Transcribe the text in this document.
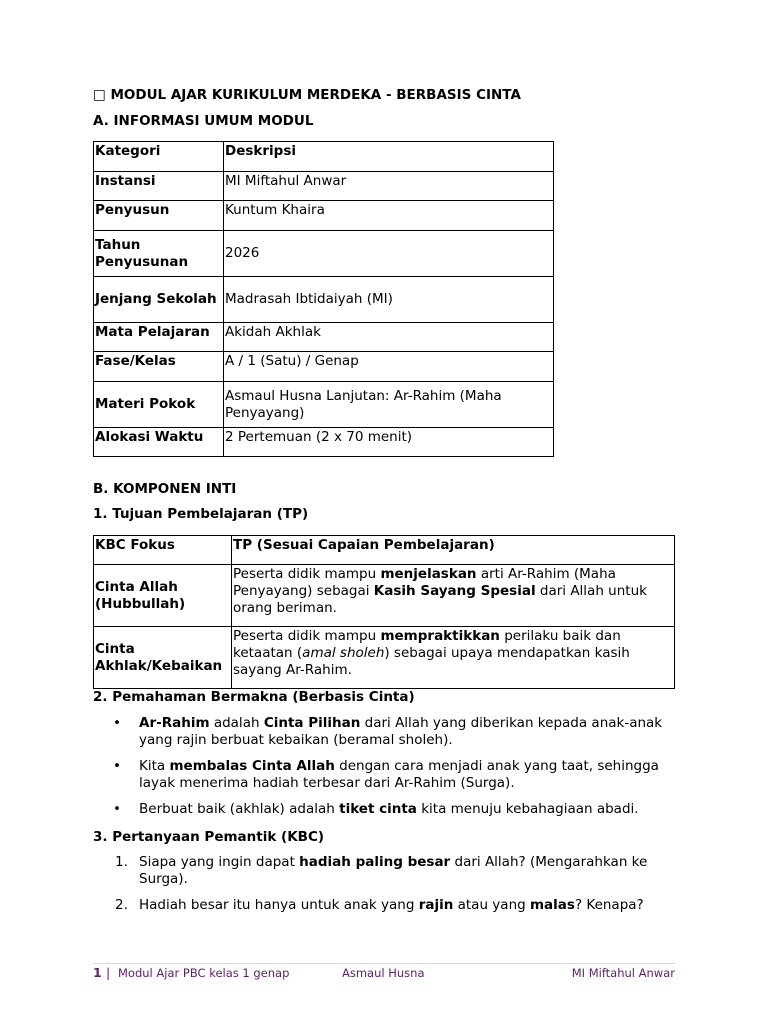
□ MODUL AJAR KURIKULUM MERDEKA - BERBASIS CINTA
A. INFORMASI UMUM MODUL
Kategori	Deskripsi
Instansi	MI Miftahul Anwar
Penyusun	Kuntum Khaira
Tahun Penyusunan	2026
Jenjang Sekolah	Madrasah Ibtidaiyah (MI)
Mata Pelajaran	Akidah Akhlak
Fase/Kelas	A / 1 (Satu) / Genap
Materi Pokok	Asmaul Husna Lanjutan: Ar-Rahim (Maha Penyayang)
Alokasi Waktu	2 Pertemuan (2 x 70 menit)
B. KOMPONEN INTI
1. Tujuan Pembelajaran (TP)
KBC Fokus	TP (Sesuai Capaian Pembelajaran)
Cinta Allah (Hubbullah)	Peserta didik mampu menjelaskan arti Ar-Rahim (Maha Penyayang) sebagai Kasih Sayang Spesial dari Allah untuk orang beriman.
Cinta Akhlak/Kebaikan	Peserta didik mampu mempraktikkan perilaku baik dan ketaatan (amal sholeh) sebagai upaya mendapatkan kasih sayang Ar-Rahim.
2. Pemahaman Bermakna (Berbasis Cinta)
• Ar-Rahim adalah Cinta Pilihan dari Allah yang diberikan kepada anak-anak yang rajin berbuat kebaikan (beramal sholeh).
• Kita membalas Cinta Allah dengan cara menjadi anak yang taat, sehingga layak menerima hadiah terbesar dari Ar-Rahim (Surga).
• Berbuat baik (akhlak) adalah tiket cinta kita menuju kebahagiaan abadi.
3. Pertanyaan Pemantik (KBC)
1. Siapa yang ingin dapat hadiah paling besar dari Allah? (Mengarahkan ke Surga).
2. Hadiah besar itu hanya untuk anak yang rajin atau yang malas? Kenapa?
1 | Modul Ajar PBC kelas 1 genap	Asmaul Husna	MI Miftahul Anwar
